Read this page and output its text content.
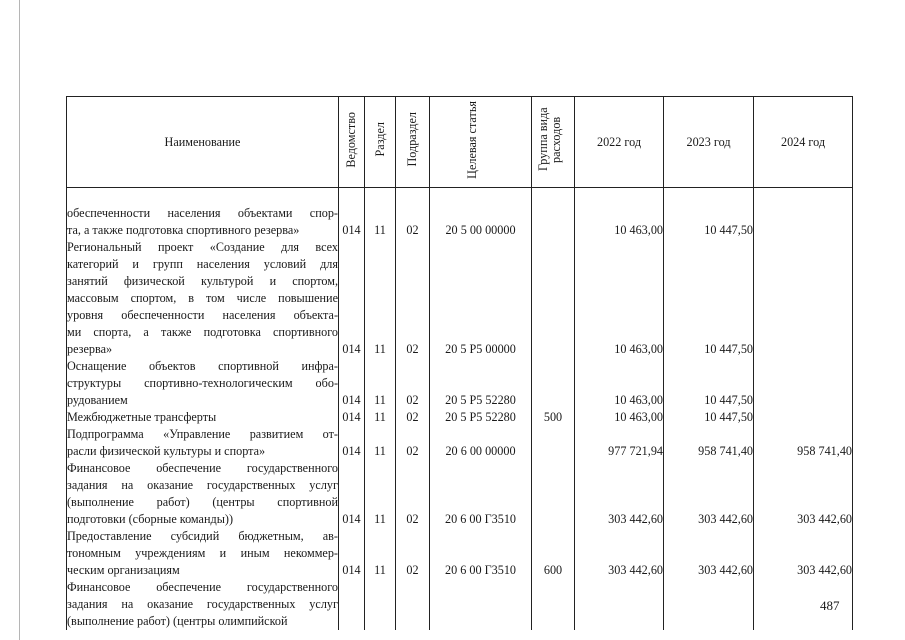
Наименование	Ведомство	Раздел	Подраздел	Целевая статья	Группа вида расходов	2022 год	2023 год	2024 год

обеспеченности населения объектами спор-								
та, а также подготовка спортивного резерва»	014	11	02	20 5 00 00000		10 463,00	10 447,50	
Региональный проект «Создание для всех								
категорий и групп населения условий для								
занятий физической культурой и спортом,								
массовым спортом, в том числе повышение								
уровня обеспеченности населения объекта-								
ми спорта, а также подготовка спортивного								
резерва»	014	11	02	20 5 P5 00000		10 463,00	10 447,50	
Оснащение объектов спортивной инфра-								
структуры спортивно-технологическим обо-								
рудованием	014	11	02	20 5 P5 52280		10 463,00	10 447,50	
Межбюджетные трансферты	014	11	02	20 5 P5 52280	500	10 463,00	10 447,50	
Подпрограмма «Управление развитием от-								
расли физической культуры и спорта»	014	11	02	20 6 00 00000		977 721,94	958 741,40	958 741,40
Финансовое обеспечение государственного								
задания на оказание государственных услуг								
(выполнение работ) (центры спортивной								
подготовки (сборные команды))	014	11	02	20 6 00 Г3510		303 442,60	303 442,60	303 442,60
Предоставление субсидий бюджетным, ав-								
тономным учреждениям и иным некоммер-								
ческим организациям	014	11	02	20 6 00 Г3510	600	303 442,60	303 442,60	303 442,60
Финансовое обеспечение государственного								
задания на оказание государственных услуг								
(выполнение работ) (центры олимпийской								
487
